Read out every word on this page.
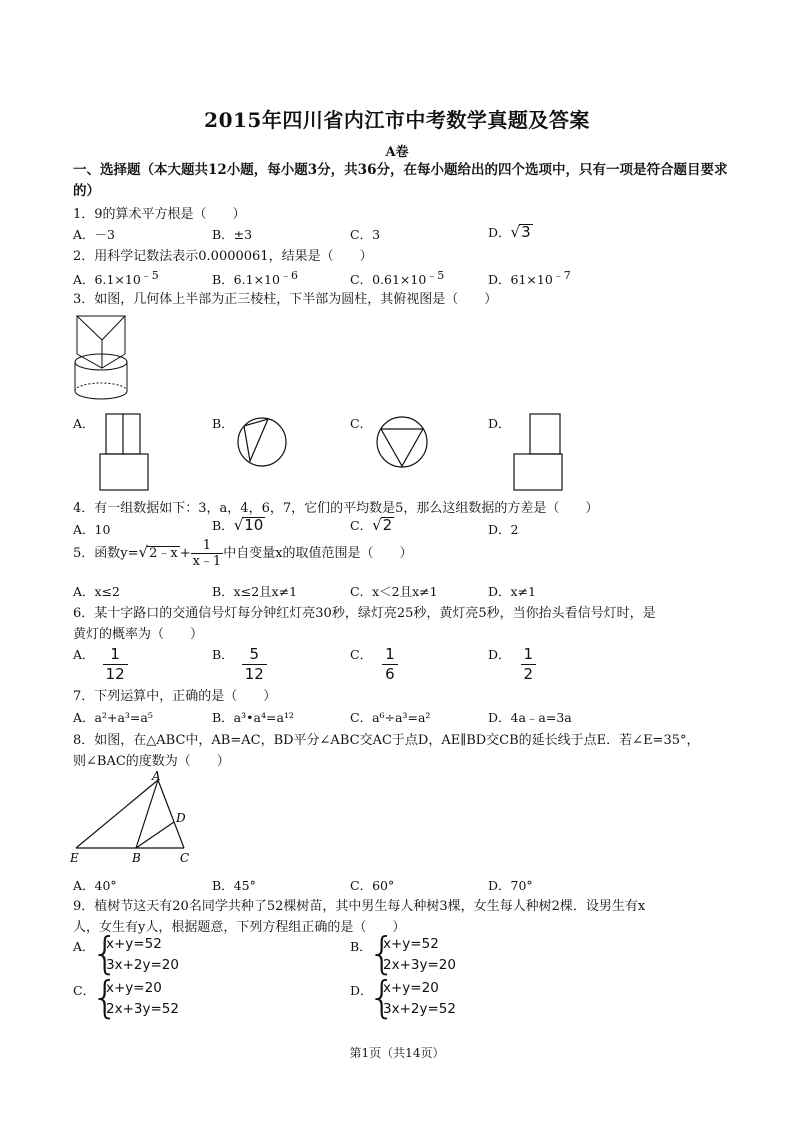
2015年四川省内江市中考数学真题及答案
A卷
一、选择题（本大题共12小题，每小题3分，共36分，在每小题给出的四个选项中，只有一项是符合题目要求的）
1．9的算术平方根是（　　）
A．－3	B．±3	C．3	D．√3
2．用科学记数法表示0.0000061，结果是（　　）
A．$6.1\times 10^{﹣5}$	B．$6.1\times 10^{﹣6}$	C．$0.61\times 10^{﹣5}$	D．$61\times 10^{﹣7}$
3．如图，几何体上半部为正三棱柱，下半部为圆柱，其俯视图是（　　）
A．	B．	C．	D．
4．有一组数据如下：3，a，4，6，7，它们的平均数是5，那么这组数据的方差是（　　）
A．10	B．√10	C．√2	D．2
5．函数y=√2﹣x + $\frac{1}{x﹣1}$ 中自变量x的取值范围是（　　）
A．x≤2	B．x≤2且x≠1	C．x＜2且x≠1	D．x≠1
6．某十字路口的交通信号灯每分钟红灯亮30秒，绿灯亮25秒，黄灯亮5秒，当你抬头看信号灯时，是
黄灯的概率为（　　）
A． $\frac{1}{12}$	B． $\frac{5}{12}$	C． $\frac{1}{6}$	D． $\frac{1}{2}$
7．下列运算中，正确的是（　　）
A．a²+a³=a⁵	B．a³•a⁴=a¹²	C．a⁶÷a³=a²	D．4a﹣a=3a
8．如图，在△ABC中，AB=AC，BD平分∠ABC交AC于点D，AE∥BD交CB的延长线于点E．若∠E=35°，
则∠BAC的度数为（　　）
A
D
E	B	C
A．40°	B．45°	C．60°	D．70°
9．植树节这天有20名同学共种了52棵树苗，其中男生每人种树3棵，女生每人种树2棵．设男生有x
人，女生有y人，根据题意，下列方程组正确的是（　　）
A．
{
x+y=52
3x+2y=20
B．
{
x+y=52
2x+3y=20
C．
{
x+y=20
2x+3y=52
D．
{
x+y=20
3x+2y=52
第1页（共14页）
